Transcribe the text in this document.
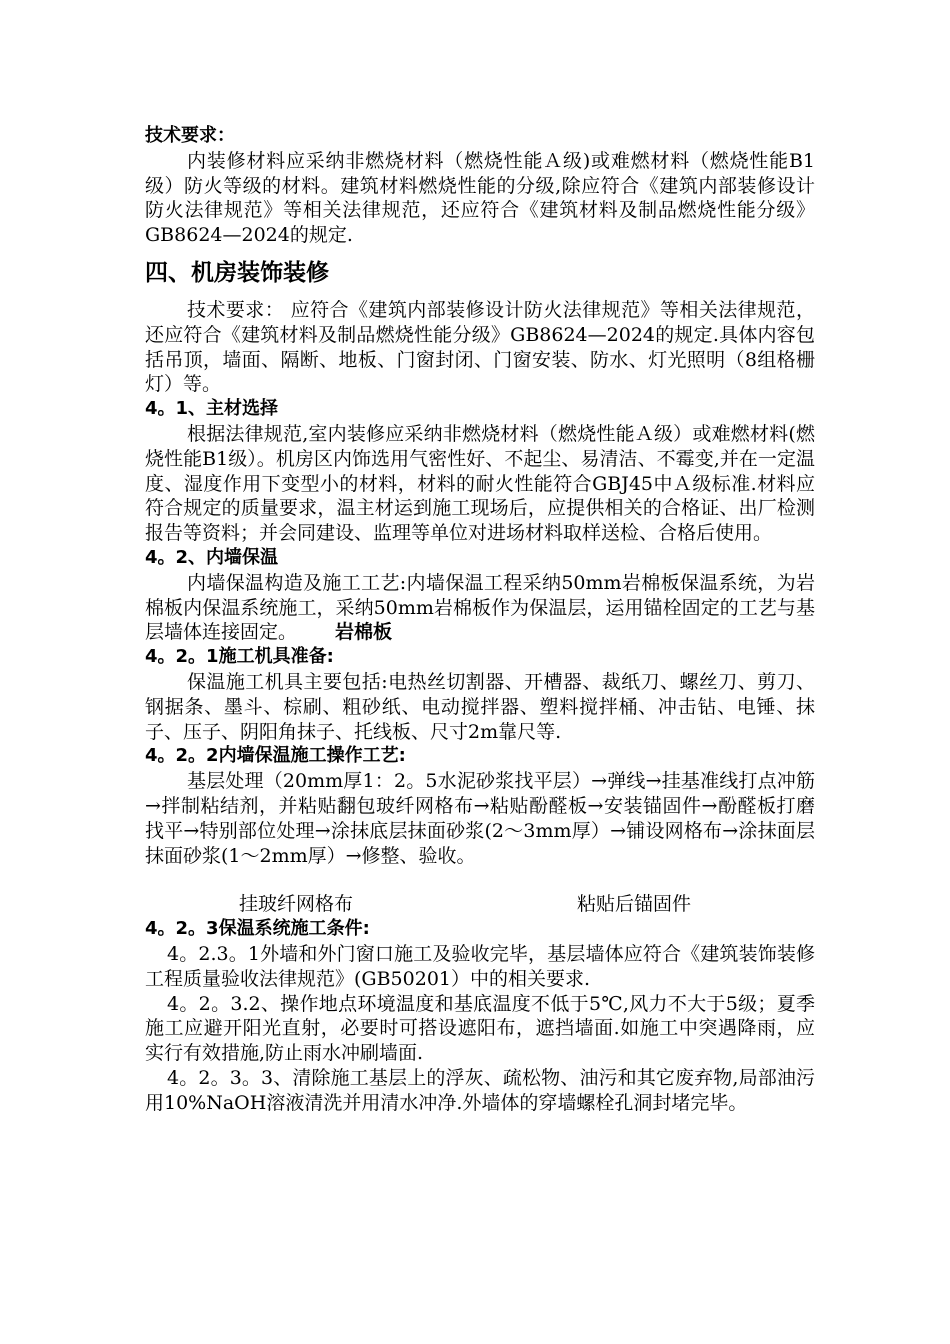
技术要求：

内装修材料应采纳非燃烧材料（燃烧性能Ａ级)或难燃材料（燃烧性能B1级）防火等级的材料。建筑材料燃烧性能的分级,除应符合《建筑内部装修设计防火法律规范》等相关法律规范，还应符合《建筑材料及制品燃烧性能分级》GB8624—2024的规定.

四、机房装饰装修

技术要求： 应符合《建筑内部装修设计防火法律规范》等相关法律规范，还应符合《建筑材料及制品燃烧性能分级》GB8624—2024的规定.具体内容包括吊顶，墙面、隔断、地板、门窗封闭、门窗安装、防水、灯光照明（8组格栅灯）等。

4。1、主材选择

根据法律规范,室内装修应采纳非燃烧材料（燃烧性能Ａ级）或难燃材料(燃烧性能B1级）。机房区内饰选用气密性好、不起尘、易清洁、不霉变,并在一定温度、湿度作用下变型小的材料，材料的耐火性能符合GBJ45中Ａ级标准.材料应符合规定的质量要求，温主材运到施工现场后，应提供相关的合格证、出厂检测报告等资料；并会同建设、监理等单位对进场材料取样送检、合格后使用。

4。2、内墙保温

内墙保温构造及施工工艺:内墙保温工程采纳50mm岩棉板保温系统，为岩棉板内保温系统施工，采纳50mm岩棉板作为保温层，运用锚栓固定的工艺与基层墙体连接固定。 岩棉板

4。2。1施工机具准备:

保温施工机具主要包括:电热丝切割器、开槽器、裁纸刀、螺丝刀、剪刀、钢据条、墨斗、棕刷、粗砂纸、电动搅拌器、塑料搅拌桶、冲击钻、电锤、抹子、压子、阴阳角抹子、托线板、尺寸2m靠尺等.

4。2。2内墙保温施工操作工艺:

基层处理（20mm厚1：2。5水泥砂浆找平层）→弹线→挂基准线打点冲筋→拌制粘结剂，并粘贴翻包玻纤网格布→粘贴酚醛板→安装锚固件→酚醛板打磨找平→特别部位处理→涂抹底层抹面砂浆(2～3mm厚）→铺设网格布→涂抹面层抹面砂浆(1～2mm厚）→修整、验收。

挂玻纤网格布	粘贴后锚固件

4。2。3保温系统施工条件:

4。2.3。1外墙和外门窗口施工及验收完毕，基层墙体应符合《建筑装饰装修工程质量验收法律规范》(GB50201）中的相关要求.

4。2。3.2、操作地点环境温度和基底温度不低于5℃,风力不大于5级；夏季施工应避开阳光直射，必要时可搭设遮阳布，遮挡墙面.如施工中突遇降雨，应实行有效措施,防止雨水冲刷墙面.

4。2。3。3、清除施工基层上的浮灰、疏松物、油污和其它废弃物,局部油污用10%NaOH溶液清洗并用清水冲净.外墙体的穿墙螺栓孔洞封堵完毕。
